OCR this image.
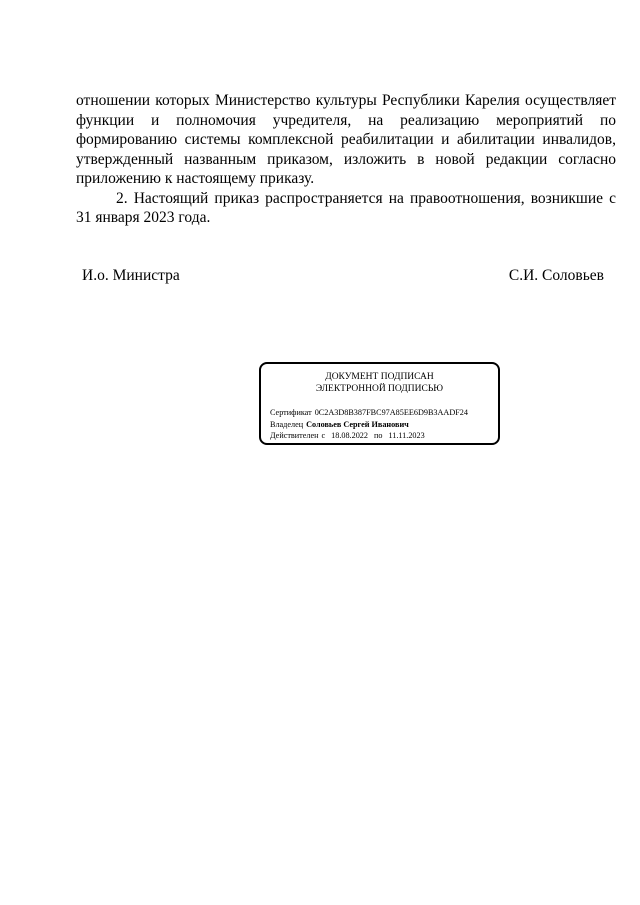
отношении которых Министерство культуры Республики Карелия осуществляет функции и полномочия учредителя, на реализацию мероприятий по формированию системы комплексной реабилитации и абилитации инвалидов, утвержденный названным приказом, изложить в новой редакции согласно приложению к настоящему приказу.

2. Настоящий приказ распространяется на правоотношения, возникшие с 31 января 2023 года.

И.о. Министра	С.И. Соловьев
ДОКУМЕНТ ПОДПИСАН
ЭЛЕКТРОННОЙ ПОДПИСЬЮ
Сертификат 0C2A3D8B387FBC97A85EE6D9B3AADF24
Владелец Соловьев Сергей Иванович
Действителен с 18.08.2022 по 11.11.2023
